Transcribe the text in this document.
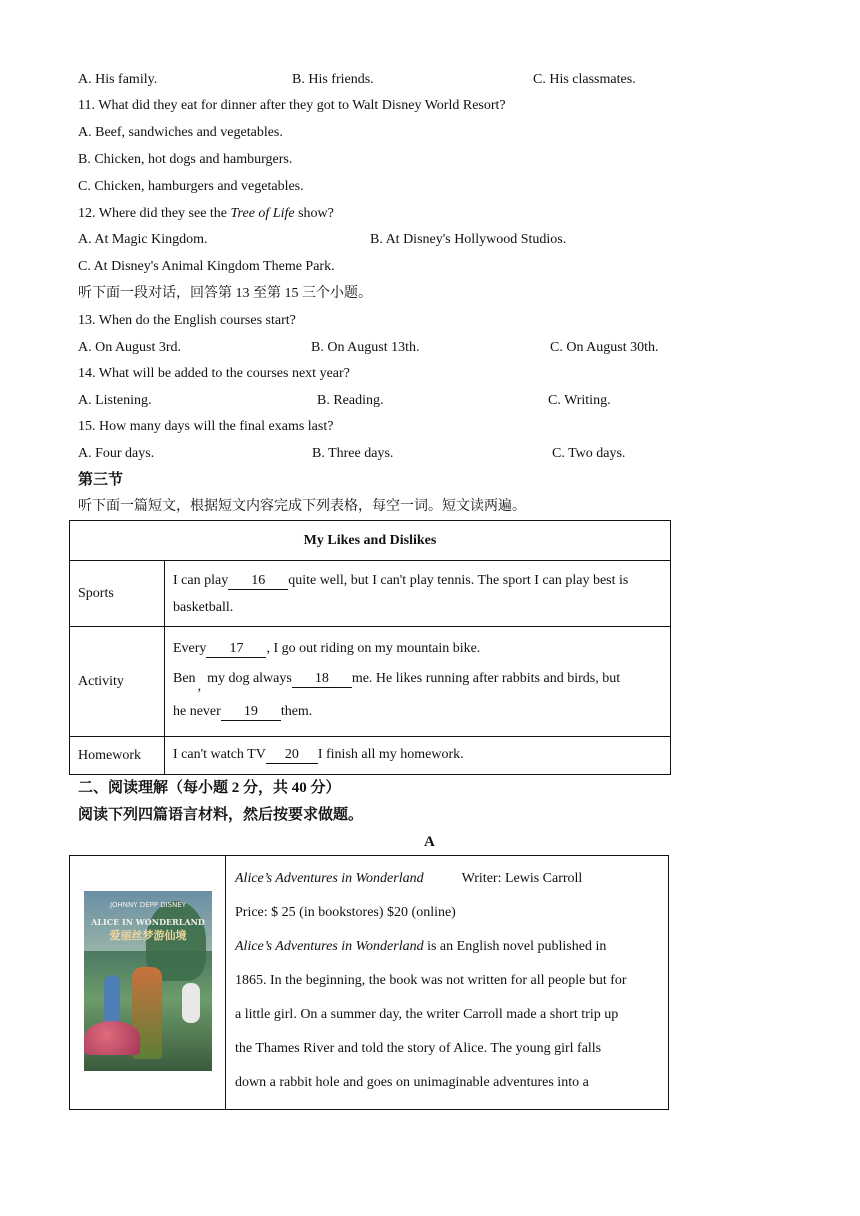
A. His family.	B. His friends.	C. His classmates.
11. What did they eat for dinner after they got to Walt Disney World Resort?
A. Beef, sandwiches and vegetables.
B. Chicken, hot dogs and hamburgers.
C. Chicken, hamburgers and vegetables.
12. Where did they see the Tree of Life show?
A. At Magic Kingdom.	B. At Disney's Hollywood Studios.
C. At Disney's Animal Kingdom Theme Park.
听下面一段对话，回答第 13 至第 15 三个小题。
13. When do the English courses start?
A. On August 3rd.	B. On August 13th.	C. On August 30th.
14. What will be added to the courses next year?
A. Listening.	B. Reading.	C. Writing.
15. How many days will the final exams last?
A. Four days.	B. Three days.	C. Two days.
第三节
听下面一篇短文，根据短文内容完成下列表格，每空一词。短文读两遍。
My Likes and Dislikes	
Sports	I can play 16 quite well, but I can't play tennis. The sport I can play best is
basketball.

Activity	Every 17 , I go out riding on my mountain bike.
Ben,my dog always 18 me. He likes running after rabbits and birds, but
he never 19 them.

Homework	I can't watch TV 20 I finish all my homework.
二、阅读理解（每小题 2 分，共 40 分）
阅读下列四篇语言材料，然后按要求做题。
A
JOHNNY DEPP DISNEY
ALICE IN WONDERLAND
爱丽丝梦游仙境

Alice’s Adventures in Wonderland	Writer: Lewis Carroll
Price: $ 25 (in bookstores) $20 (online)
Alice’s Adventures in Wonderland is an English novel published in
1865. In the beginning, the book was not written for all people but for
a little girl. On a summer day, the writer Carroll made a short trip up
the Thames River and told the story of Alice. The young girl falls
down a rabbit hole and goes on unimaginable adventures into a
